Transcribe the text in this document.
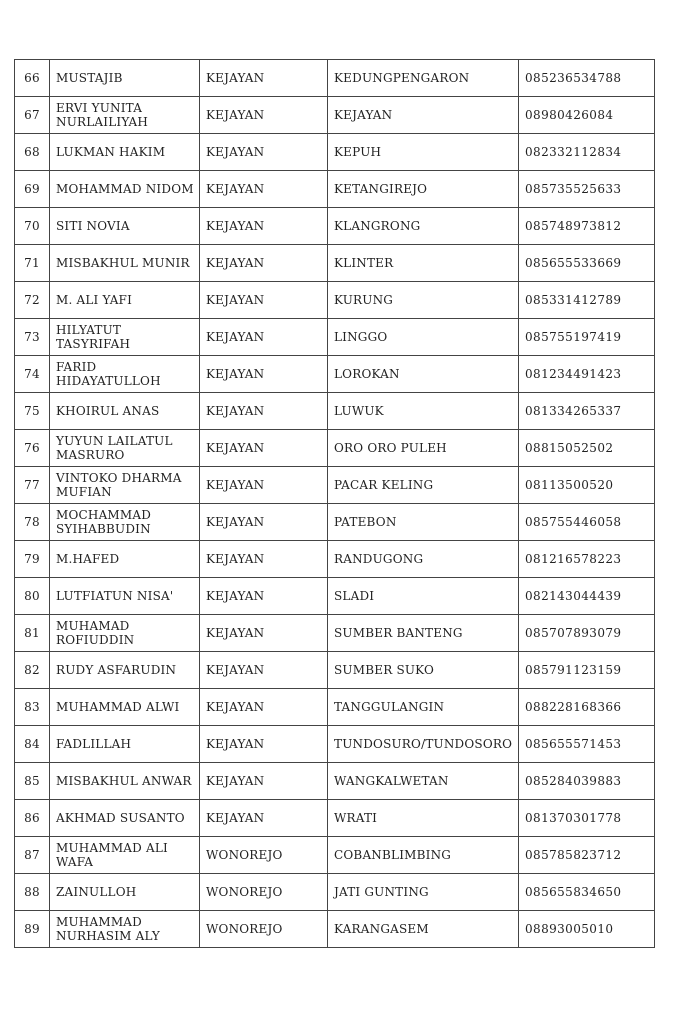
66	MUSTAJIB	KEJAYAN	KEDUNGPENGARON	085236534788
67	ERVI YUNITA NURLAILIYAH	KEJAYAN	KEJAYAN	08980426084
68	LUKMAN HAKIM	KEJAYAN	KEPUH	082332112834
69	MOHAMMAD NIDOM	KEJAYAN	KETANGIREJO	085735525633
70	SITI NOVIA	KEJAYAN	KLANGRONG	085748973812
71	MISBAKHUL MUNIR	KEJAYAN	KLINTER	085655533669
72	M. ALI YAFI	KEJAYAN	KURUNG	085331412789
73	HILYATUT TASYRIFAH	KEJAYAN	LINGGO	085755197419
74	FARID HIDAYATULLOH	KEJAYAN	LOROKAN	081234491423
75	KHOIRUL ANAS	KEJAYAN	LUWUK	081334265337
76	YUYUN LAILATUL MASRURO	KEJAYAN	ORO ORO PULEH	08815052502
77	VINTOKO DHARMA MUFIAN	KEJAYAN	PACAR KELING	08113500520
78	MOCHAMMAD SYIHABBUDIN	KEJAYAN	PATEBON	085755446058
79	M.HAFED	KEJAYAN	RANDUGONG	081216578223
80	LUTFIATUN NISA'	KEJAYAN	SLADI	082143044439
81	MUHAMAD ROFIUDDIN	KEJAYAN	SUMBER BANTENG	085707893079
82	RUDY ASFARUDIN	KEJAYAN	SUMBER SUKO	085791123159
83	MUHAMMAD ALWI	KEJAYAN	TANGGULANGIN	088228168366
84	FADLILLAH	KEJAYAN	TUNDOSURO/TUNDOSORO	085655571453
85	MISBAKHUL ANWAR	KEJAYAN	WANGKALWETAN	085284039883
86	AKHMAD SUSANTO	KEJAYAN	WRATI	081370301778
87	MUHAMMAD ALI WAFA	WONOREJO	COBANBLIMBING	085785823712
88	ZAINULLOH	WONOREJO	JATI GUNTING	085655834650
89	MUHAMMAD NURHASIM ALY	WONOREJO	KARANGASEM	08893005010
